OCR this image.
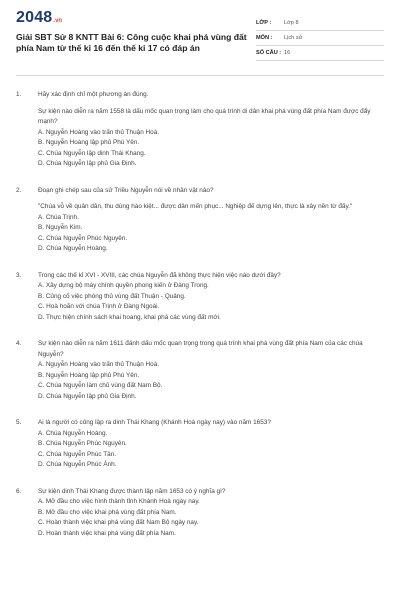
2048 .vn
Giải SBT Sử 8 KNTT Bài 6: Công cuộc khai phá vùng đất phía Nam từ thế kỉ 16 đến thế kỉ 17 có đáp án
LỚP :	Lớp 8
MÔN :	Lịch sử
SỐ CÂU : 16
1.	Hãy xác định chỉ một phương án đúng.
Sự kiện nào diễn ra năm 1558 là dấu mốc quan trọng làm cho quá trình di dân khai phá vùng đất phía Nam được đẩy mạnh?
A. Nguyễn Hoàng vào trấn thủ Thuận Hoá.
B. Nguyễn Hoàng lập phủ Phú Yên.
C. Chúa Nguyễn lập dinh Thái Khang.
D. Chúa Nguyễn lập phủ Gia Định.
2.	Đoạn ghi chép sau của sử Triều Nguyễn nói về nhân vật nào?
"Chúa vỗ về quân dân, thu dùng hào kiệt... được dân mến phục... Nghiệp đế dựng lên, thực là xây nền từ đấy."
A. Chúa Trịnh.
B. Nguyễn Kim.
C. Chúa Nguyễn Phúc Nguyên.
D. Chúa Nguyễn Hoàng.
3.	Trong các thế kỉ XVI - XVIII, các chúa Nguyễn đã không thực hiện việc nào dưới đây?
A. Xây dựng bộ máy chính quyền phong kiến ở Đàng Trong.
B. Củng cố việc phòng thủ vùng đất Thuận - Quảng.
C. Hoà hoãn với chúa Trịnh ở Đàng Ngoài.
D. Thực hiện chính sách khai hoang, khai phá các vùng đất mới.
4.	Sự kiện nào diễn ra năm 1611 đánh dấu mốc quan trọng trong quá trình khai phá vùng đất phía Nam của các chúa Nguyễn?
A. Nguyễn Hoàng vào trấn thủ Thuận Hoá.
B. Nguyễn Hoàng lập phủ Phú Yên.
C. Chúa Nguyễn làm chủ vùng đất Nam Bộ.
D. Chúa Nguyễn lập phủ Gia Định.
5.	Ai là người có công lập ra dinh Thái Khang (Khánh Hoà ngày nay) vào năm 1653?
A. Chúa Nguyễn Hoàng.
B. Chúa Nguyễn Phúc Nguyên.
C. Chúa Nguyễn Phúc Tần.
D. Chúa Nguyễn Phúc Ánh.
6.	Sự kiện dinh Thái Khang được thành lập năm 1653 có ý nghĩa gì?
A. Mở đầu cho việc hình thành tỉnh Khánh Hoà ngày nay.
B. Mở đầu cho việc khai phá vùng đất phía Nam.
C. Hoàn thành việc khai phá vùng đất Nam Bộ ngày nay.
D. Hoàn thành việc khai phá vùng đất phía Nam.
